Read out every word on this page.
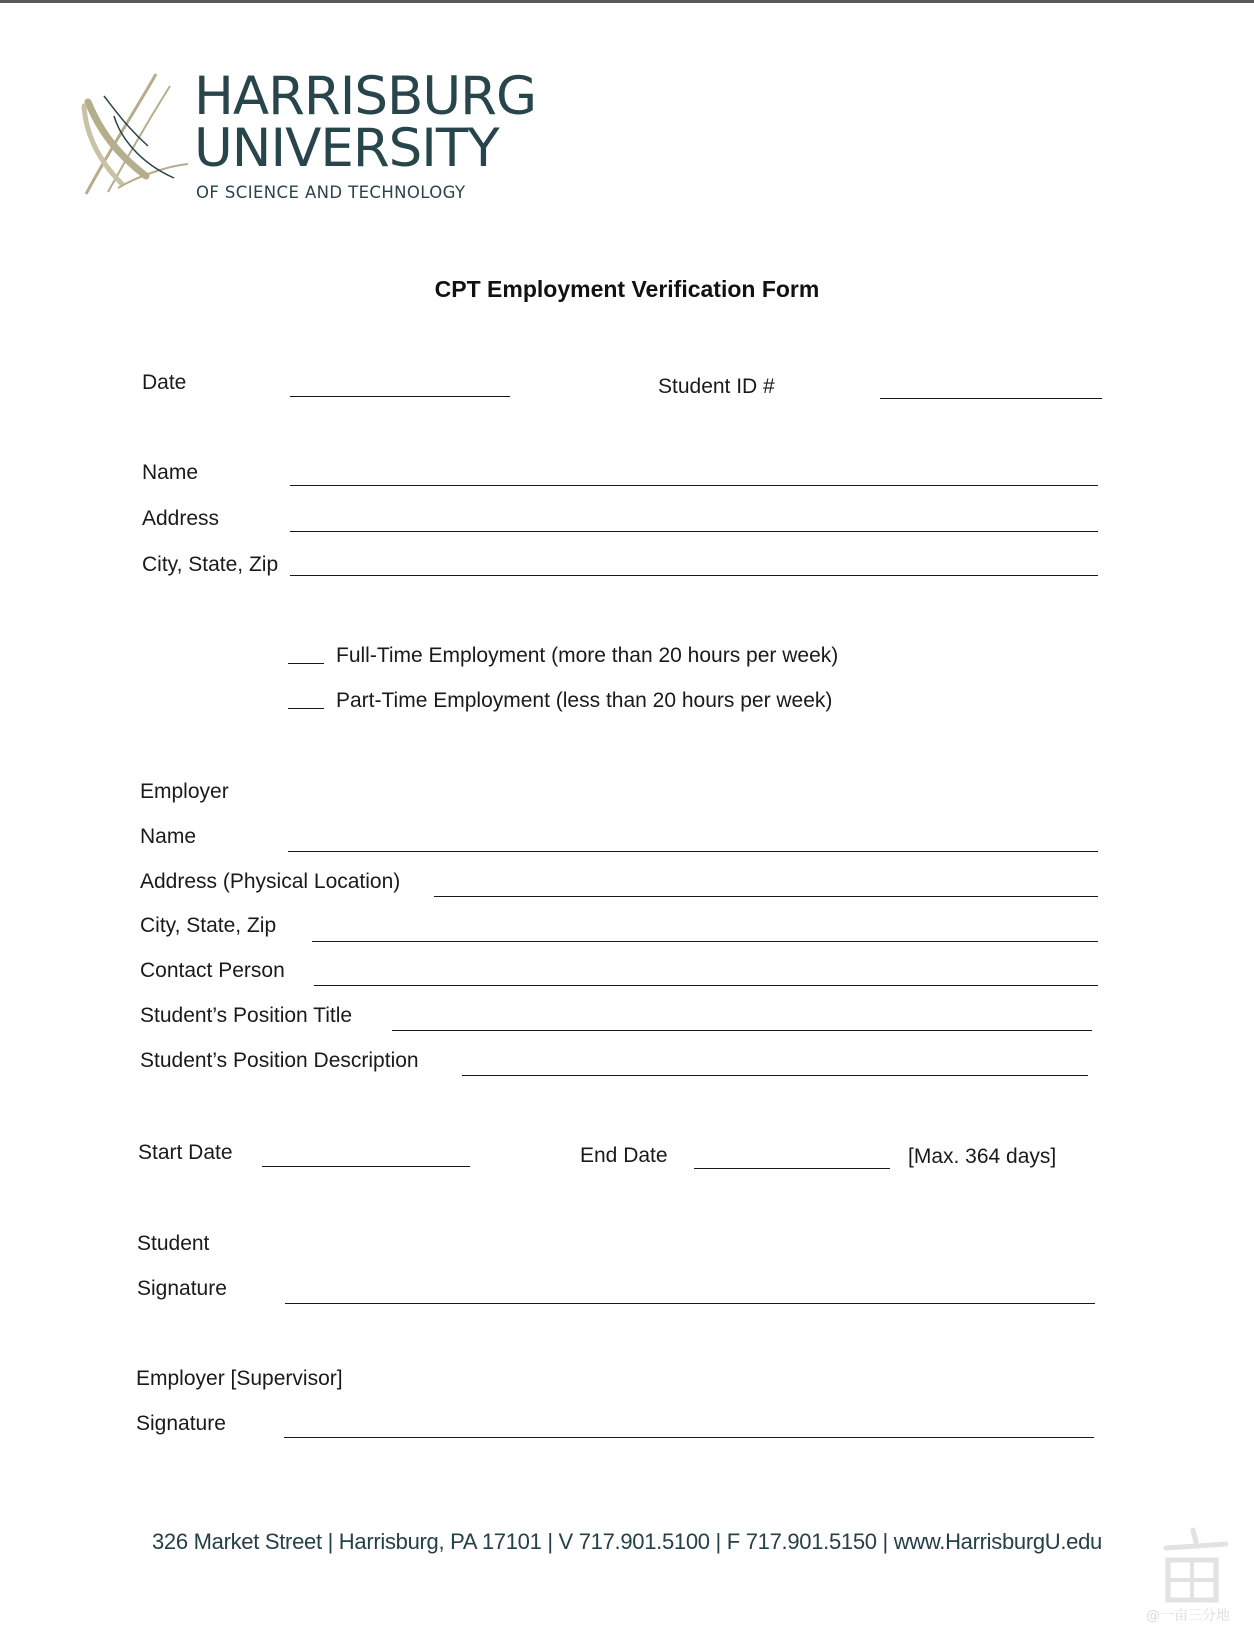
HARRISBURG
UNIVERSITY
OF SCIENCE AND TECHNOLOGY
CPT Employment Verification Form
Date	Student ID #
Name
Address
City, State, Zip
Full-Time Employment (more than 20 hours per week)
Part-Time Employment (less than 20 hours per week)
Employer
Name
Address (Physical Location)
City, State, Zip
Contact Person
Student’s Position Title
Student’s Position Description
Start Date	End Date	[Max. 364 days]
Student
Signature
Employer [Supervisor]
Signature
326 Market Street | Harrisburg, PA 17101 | V 717.901.5100 | F 717.901.5150 | www.HarrisburgU.edu
@一亩三分地
